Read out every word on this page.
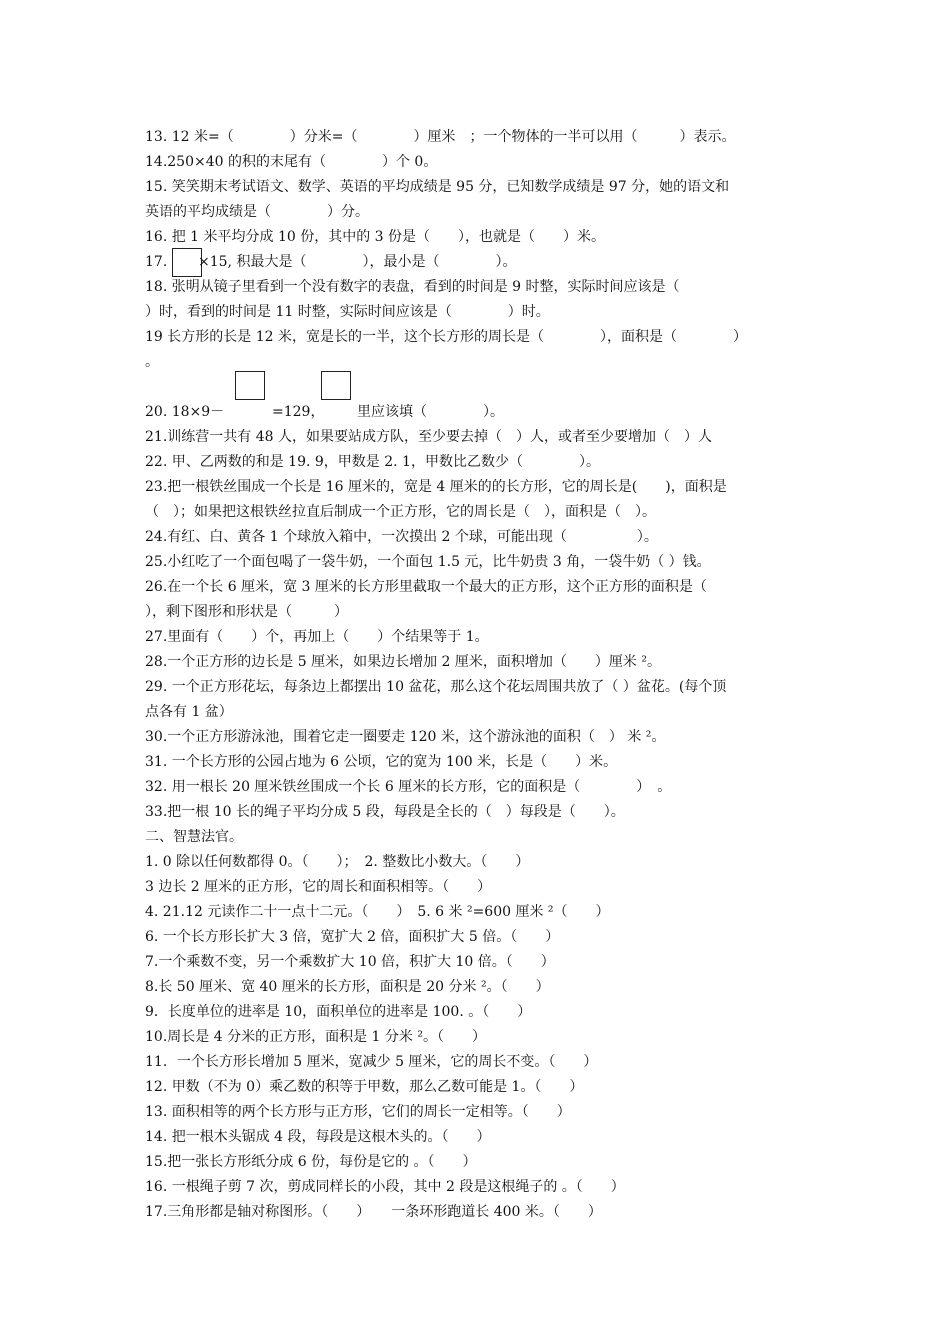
13. 12 米=（　　　　）分米=（　　　　）厘米　；一个物体的一半可以用（　　　）表示。
14.250×40 的积的末尾有（　　　　）个 0。
15. 笑笑期末考试语文、数学、英语的平均成绩是 95 分，已知数学成绩是 97 分，她的语文和
英语的平均成绩是（　　　　）分。
16. 把 1 米平均分成 10 份，其中的 3 份是（　　），也就是（　　）米。
17.	×15, 积最大是（　　　　），最小是（　　　　）。
18. 张明从镜子里看到一个没有数字的表盘，看到的时间是 9 时整，实际时间应该是（
）时，看到的时间是 11 时整，实际时间应该是（　　　　）时。
19 长方形的长是 12 米，宽是长的一半，这个长方形的周长是（　　　　），面积是（　　　　）
。
20. 18×9－	=129，	里应该填（　　　　）。
21.训练营一共有 48 人，如果要站成方队，至少要去掉（　）人，或者至少要增加（　）人
22. 甲、乙两数的和是 19. 9，甲数是 2. 1，甲数比乙数少（　　　　）。
23.把一根铁丝围成一个长是 16 厘米的，宽是 4 厘米的的长方形，它的周长是(　　)，面积是
（　）；如果把这根铁丝拉直后制成一个正方形，它的周长是（　），面积是（　）。
24.有红、白、黄各 1 个球放入箱中，一次摸出 2 个球，可能出现（　　　　　）。
25.小红吃了一个面包喝了一袋牛奶，一个面包 1.5 元，比牛奶贵 3 角，一袋牛奶（ ）钱。
26.在一个长 6 厘米，宽 3 厘米的长方形里截取一个最大的正方形，这个正方形的面积是（
），剩下图形和形状是（　　　）
27.里面有（　　）个，再加上（　　）个结果等于 1。
28.一个正方形的边长是 5 厘米，如果边长增加 2 厘米，面积增加（　　）厘米 ²。
29. 一个正方形花坛，每条边上都摆出 10 盆花，那么这个花坛周围共放了（ ）盆花。(每个顶
点各有 1 盆）
30.一个正方形游泳池，围着它走一圈要走 120 米，这个游泳池的面积（　） 米 ²。
31. 一个长方形的公园占地为 6 公顷，它的宽为 100 米，长是（　　）米。
32. 用一根长 20 厘米铁丝围成一个长 6 厘米的长方形，它的面积是（　　　　）　。
33.把一根 10 长的绳子平均分成 5 段，每段是全长的（　）每段是（　　）。
二、智慧法官。
1. 0 除以任何数都得 0。（　　）；　2. 整数比小数大。（　　）
3 边长 2 厘米的正方形，它的周长和面积相等。（　　）
4. 21.12 元读作二十一点十二元。（　　）　5. 6 米 ²=600 厘米 ²（　　）
6. 一个长方形长扩大 3 倍，宽扩大 2 倍，面积扩大 5 倍。（　　）
7.一个乘数不变，另一个乘数扩大 10 倍，积扩大 10 倍。（　　）
8.长 50 厘米、宽 40 厘米的长方形，面积是 20 分米 ²。（　　）
9．长度单位的进率是 10，面积单位的进率是 100. 。（　　）
10.周长是 4 分米的正方形，面积是 1 分米 ²。（　　）
11．一个长方形长增加 5 厘米，宽减少 5 厘米，它的周长不变。（　　）
12. 甲数（不为 0）乘乙数的积等于甲数，那么乙数可能是 1。（　　）
13. 面积相等的两个长方形与正方形，它们的周长一定相等。（　　）
14. 把一根木头锯成 4 段，每段是这根木头的。（　　）
15.把一张长方形纸分成 6 份，每份是它的 。（　　）
16. 一根绳子剪 7 次，剪成同样长的小段，其中 2 段是这根绳子的 。（　　）
17.三角形都是轴对称图形。（　　）　　一条环形跑道长 400 米。（　　）
